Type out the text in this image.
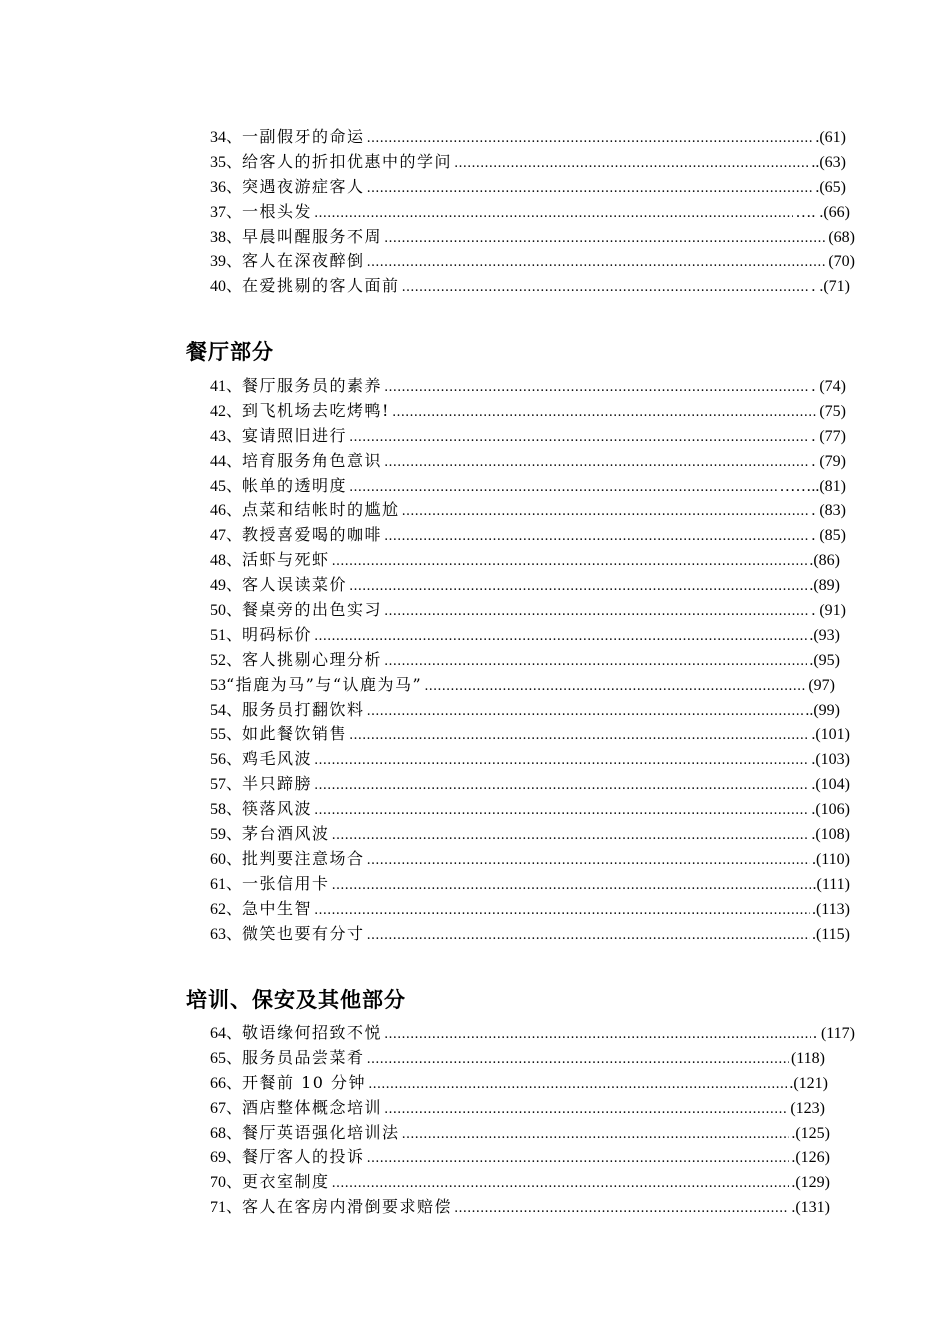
34 、 一副假牙的命运 ………………………………………………………………………………………………………………………………………………………………………………	.(61)
35 、 给客人的折扣优惠中的学问 ………………………………………………………………………………………………………………………………………………………………………………	..(63)
36 、 突遇夜游症客人 ………………………………………………………………………………………………………………………………………………………………………………	.(65)
37 、 一根头发 ………………………………………………………………………………………………………………………………………………………………………………	…. .(66)
38 、 早晨叫醒服务不周 ………………………………………………………………………………………………………………………………………………………………………………	(68)
39 、 客人在深夜醉倒 ………………………………………………………………………………………………………………………………………………………………………………	(70)
40 、 在爱挑剔的客人面前 ………………………………………………………………………………………………………………………………………………………………………………	. .(71)
餐厅部分
41 、 餐厅服务员的素养 ………………………………………………………………………………………………………………………………………………………………………………	. (74)
42 、 到飞机场去吃烤鸭! ………………………………………………………………………………………………………………………………………………………………………………	(75)
43 、 宴请照旧进行 ………………………………………………………………………………………………………………………………………………………………………………	. (77)
44 、 培育服务角色意识 ………………………………………………………………………………………………………………………………………………………………………………	. (79)
45 、 帐单的透明度 ………………………………………………………………………………………………………………………………………………………………………………	……..(81)
46 、 点菜和结帐时的尴尬 ………………………………………………………………………………………………………………………………………………………………………………	. (83)
47 、 教授喜爱喝的咖啡 ………………………………………………………………………………………………………………………………………………………………………………	. (85)
48 、 活虾与死虾 ………………………………………………………………………………………………………………………………………………………………………………	.(86)
49 、 客人误读菜价 ………………………………………………………………………………………………………………………………………………………………………………	.(89)
50 、 餐桌旁的出色实习 ………………………………………………………………………………………………………………………………………………………………………………	. (91)
51 、 明码标价 ………………………………………………………………………………………………………………………………………………………………………………	.(93)
52 、 客人挑剔心理分析 ………………………………………………………………………………………………………………………………………………………………………………	.(95)
53 “指鹿为马”与“认鹿为马” ………………………………………………………………………………………………………………………………………………………………………………	(97)
54 、 服务员打翻饮料 ………………………………………………………………………………………………………………………………………………………………………………	..(99)
55 、 如此餐饮销售 ………………………………………………………………………………………………………………………………………………………………………………	.(101)
56 、 鸡毛风波 ………………………………………………………………………………………………………………………………………………………………………………	.(103)
57 、 半只蹄膀 ………………………………………………………………………………………………………………………………………………………………………………	.(104)
58 、 筷落风波 ………………………………………………………………………………………………………………………………………………………………………………	.(106)
59 、 茅台酒风波 ………………………………………………………………………………………………………………………………………………………………………………	.(108)
60 、 批判要注意场合 ………………………………………………………………………………………………………………………………………………………………………………	.(110)
61 、 一张信用卡 ………………………………………………………………………………………………………………………………………………………………………………	.(111)
62 、 急中生智 ………………………………………………………………………………………………………………………………………………………………………………	.(113)
63 、 微笑也要有分寸 ………………………………………………………………………………………………………………………………………………………………………………	.(115)
培训、保安及其他部分
64 、 敬语缘何招致不悦 ………………………………………………………………………………………………………………………………………………………………………………	. (117)
65 、 服务员品尝菜肴 ………………………………………………………………………………………………………………………………………………………………………………	(118)
66 、 开餐前 10 分钟 ………………………………………………………………………………………………………………………………………………………………………………	.(121)
67 、 酒店整体概念培训 ………………………………………………………………………………………………………………………………………………………………………………	(123)
68 、 餐厅英语强化培训法 ………………………………………………………………………………………………………………………………………………………………………………	.(125)
69 、 餐厅客人的投诉 ………………………………………………………………………………………………………………………………………………………………………………	.(126)
70 、 更衣室制度 ………………………………………………………………………………………………………………………………………………………………………………	.(129)
71 、 客人在客房内滑倒要求赔偿 ………………………………………………………………………………………………………………………………………………………………………………	.(131)
